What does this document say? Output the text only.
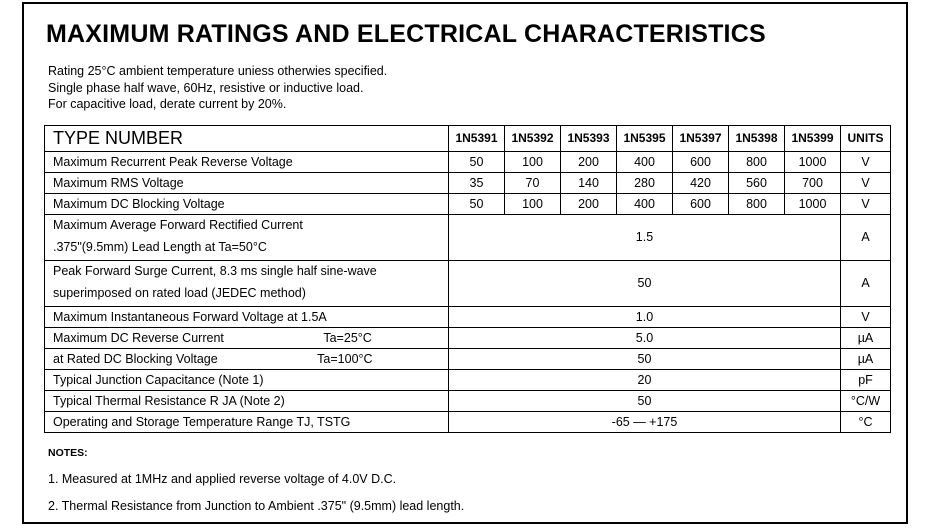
MAXIMUM RATINGS AND ELECTRICAL CHARACTERISTICS
Rating 25°C ambient temperature uniess otherwies specified.
Single phase half wave, 60Hz, resistive or inductive load.
For capacitive load, derate current by 20%.
TYPE NUMBER	1N5391	1N5392	1N5393	1N5395	1N5397	1N5398	1N5399	UNITS
Maximum Recurrent Peak Reverse Voltage	50	100	200	400	600	800	1000	V
Maximum RMS Voltage	35	70	140	280	420	560	700	V
Maximum DC Blocking Voltage	50	100	200	400	600	800	1000	V
Maximum Average Forward Rectified Current	1.5							A
.375"(9.5mm) Lead Length at Ta=50°C								
Peak Forward Surge Current, 8.3 ms single half sine-wave	50							A
superimposed on rated load (JEDEC method)								
Maximum Instantaneous Forward Voltage at 1.5A	1.0							V
Maximum DC Reverse Current Ta=25°C	5.0							µA
at Rated DC Blocking Voltage Ta=100°C	50							µA
Typical Junction Capacitance (Note 1)	20							pF
Typical Thermal Resistance R JA (Note 2)	50							°C/W
Operating and Storage Temperature Range TJ, TSTG	-65 — +175							°C
NOTES:
1. Measured at 1MHz and applied reverse voltage of 4.0V D.C.
2. Thermal Resistance from Junction to Ambient .375" (9.5mm) lead length.
